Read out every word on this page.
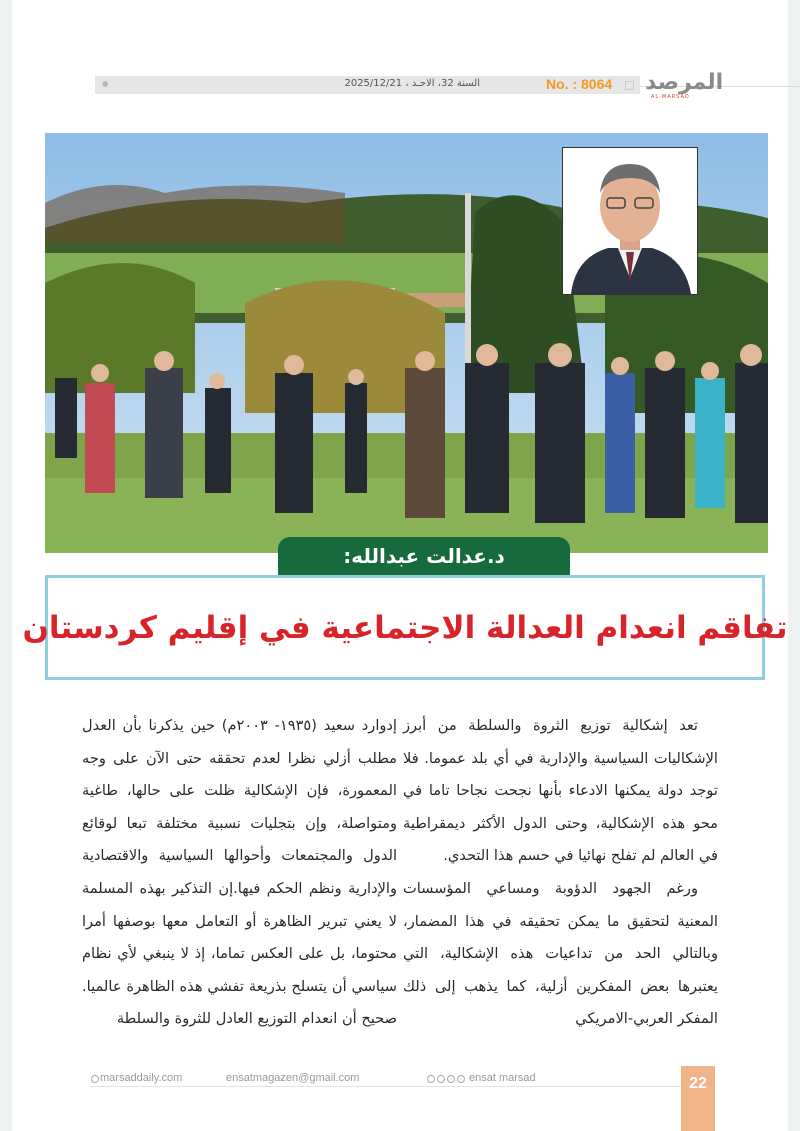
السنة 32، الاحـد ، 2025/12/21	No. : 8064 المرصد
AL-MARSAD
د.عدالت عبدالله:
تفاقم انعدام العدالة الاجتماعية في إقليم كردستان

تعد إشكالية توزيع الثروة والسلطة من أبرز الإشكاليات السياسية والإدارية في أي بلد عموما. فلا توجد دولة يمكنها الادعاء بأنها نجحت نجاحا تاما في محو هذه الإشكالية، وحتى الدول الأكثر ديمقراطية في العالم لم تفلح نهائيا في حسم هذا التحدي.

ورغم الجهود الدؤوبة ومساعي المؤسسات المعنية لتحقيق ما يمكن تحقيقه في هذا المضمار، وبالتالي الحد من تداعيات هذه الإشكالية، التي يعتبرها بعض المفكرين أزلية، كما يذهب إلى ذلك المفكر العربي-الامريكي

إدوارد سعيد (١٩٣٥- ٢٠٠٣م) حين يذكرنا بأن العدل مطلب أزلي نظرا لعدم تحققه حتى الآن على وجه المعمورة، فإن الإشكالية ظلت على حالها، طاغية ومتواصلة، وإن بتجليات نسبية مختلفة تبعا لوقائع الدول والمجتمعات وأحوالها السياسية والاقتصادية والإدارية ونظم الحكم فيها.إن التذكير بهذه المسلمة لا يعني تبرير الظاهرة أو التعامل معها بوصفها أمرا محتوما، بل على العكس تماما، إذ لا ينبغي لأي نظام سياسي أن يتسلح بذريعة تفشي هذه الظاهرة عالميا. صحيح أن انعدام التوزيع العادل للثروة والسلطة

marsaddaily.com	ensatmagazen@gmail.com	ensat marsad	22
